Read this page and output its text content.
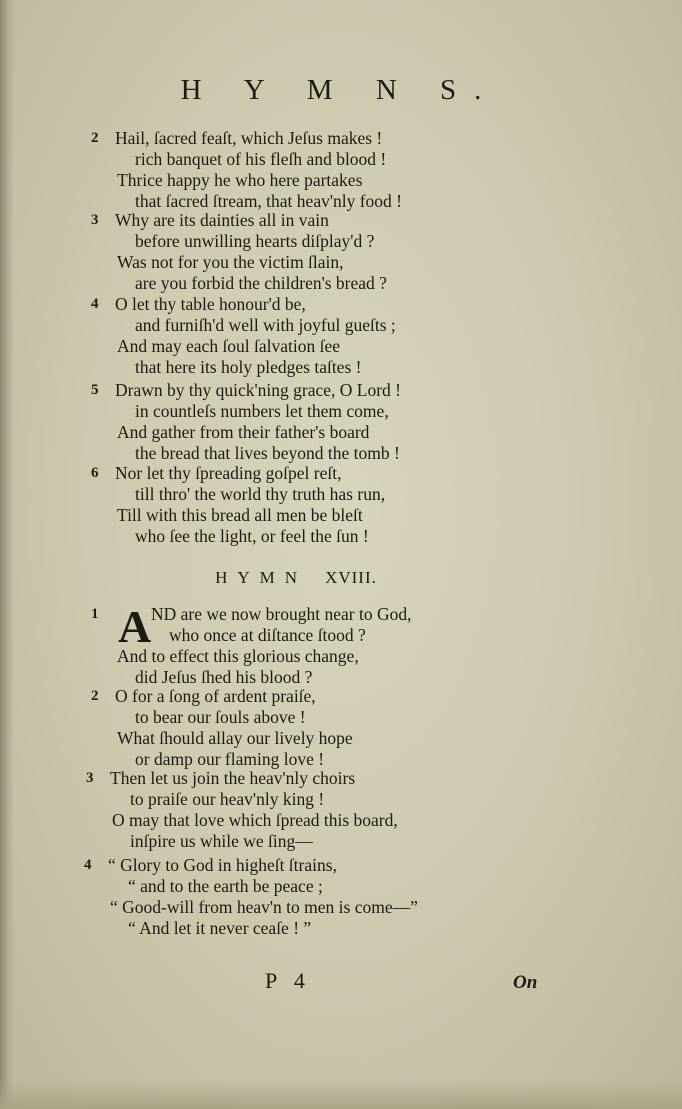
H Y M N S.
2 Hail, ſacred feaſt, which Jeſus makes !
rich banquet of his fleſh and blood !
Thrice happy he who here partakes
that ſacred ſtream, that heav'nly food !
3 Why are its dainties all in vain
before unwilling hearts diſplay'd ?
Was not for you the victim ſlain,
are you forbid the children's bread ?
4 O let thy table honour'd be,
and furniſh'd well with joyful gueſts ;
And may each ſoul ſalvation ſee
that here its holy pledges taſtes !
5 Drawn by thy quick'ning grace, O Lord !
in countleſs numbers let them come,
And gather from their father's board
the bread that lives beyond the tomb !
6 Nor let thy ſpreading goſpel reſt,
till thro' the world thy truth has run,
Till with this bread all men be bleſt
who ſee the light, or feel the ſun !
HYMN XVIII.
A
1	ND are we now brought near to God,
who once at diſtance ſtood ?
And to effect this glorious change,
did Jeſus ſhed his blood ?
2 O for a ſong of ardent praiſe,
to bear our ſouls above !
What ſhould allay our lively hope
or damp our flaming love !
3 Then let us join the heav'nly choirs
to praiſe our heav'nly king !
O may that love which ſpread this board,
inſpire us while we ſing—
4 “ Glory to God in higheſt ſtrains,
“ and to the earth be peace ;
“ Good-will from heav'n to men is come—”
“ And let it never ceaſe ! ”
P 4	On
